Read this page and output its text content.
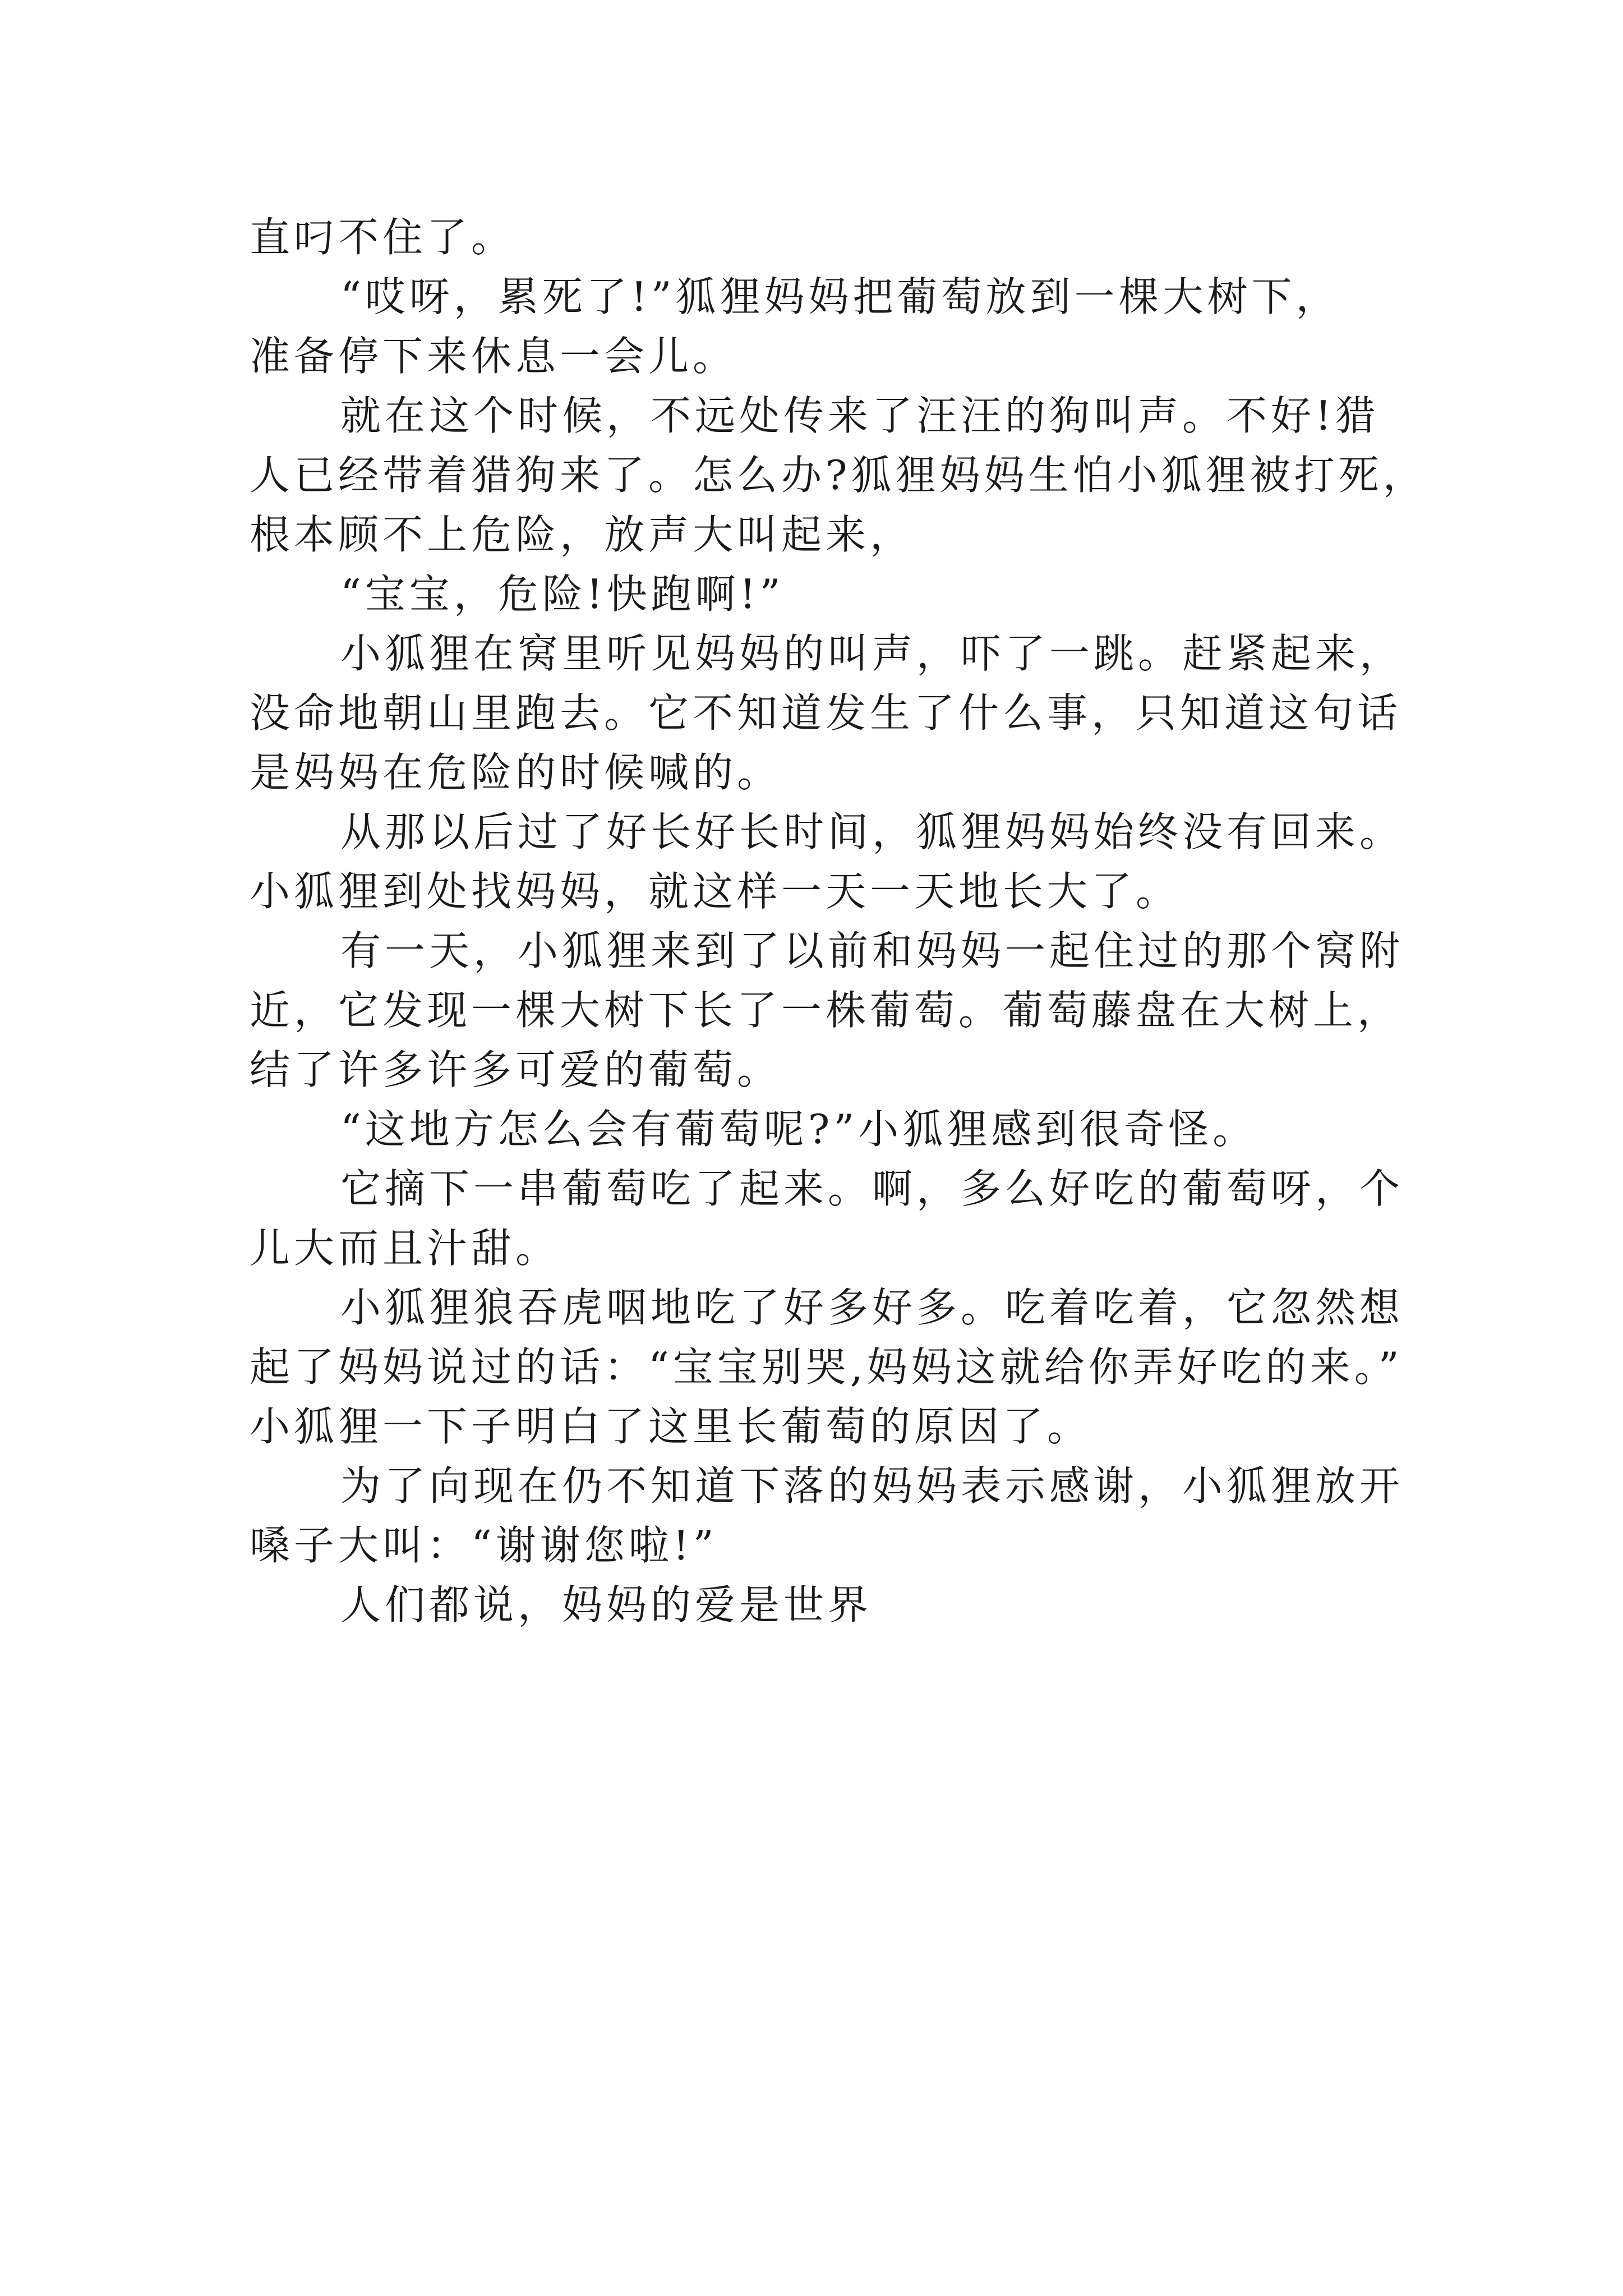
直叼不住了。
“哎呀，累死了!”狐狸妈妈把葡萄放到一棵大树下，
准备停下来休息一会儿。
就在这个时候，不远处传来了汪汪的狗叫声。不好!猎
人已经带着猎狗来了。怎么办?狐狸妈妈生怕小狐狸被打死，
根本顾不上危险，放声大叫起来，
“宝宝，危险!快跑啊!”
小狐狸在窝里听见妈妈的叫声，吓了一跳。赶紧起来，
没命地朝山里跑去。它不知道发生了什么事，只知道这句话
是妈妈在危险的时候喊的。
从那以后过了好长好长时间，狐狸妈妈始终没有回来。
小狐狸到处找妈妈，就这样一天一天地长大了。
有一天，小狐狸来到了以前和妈妈一起住过的那个窝附
近，它发现一棵大树下长了一株葡萄。葡萄藤盘在大树上，
结了许多许多可爱的葡萄。
“这地方怎么会有葡萄呢?”小狐狸感到很奇怪。
它摘下一串葡萄吃了起来。啊，多么好吃的葡萄呀，个
儿大而且汁甜。
小狐狸狼吞虎咽地吃了好多好多。吃着吃着，它忽然想
起了妈妈说过的话：“宝宝别哭,妈妈这就给你弄好吃的来。”
小狐狸一下子明白了这里长葡萄的原因了。
为了向现在仍不知道下落的妈妈表示感谢，小狐狸放开
嗓子大叫：“谢谢您啦!”
人们都说，妈妈的爱是世界
